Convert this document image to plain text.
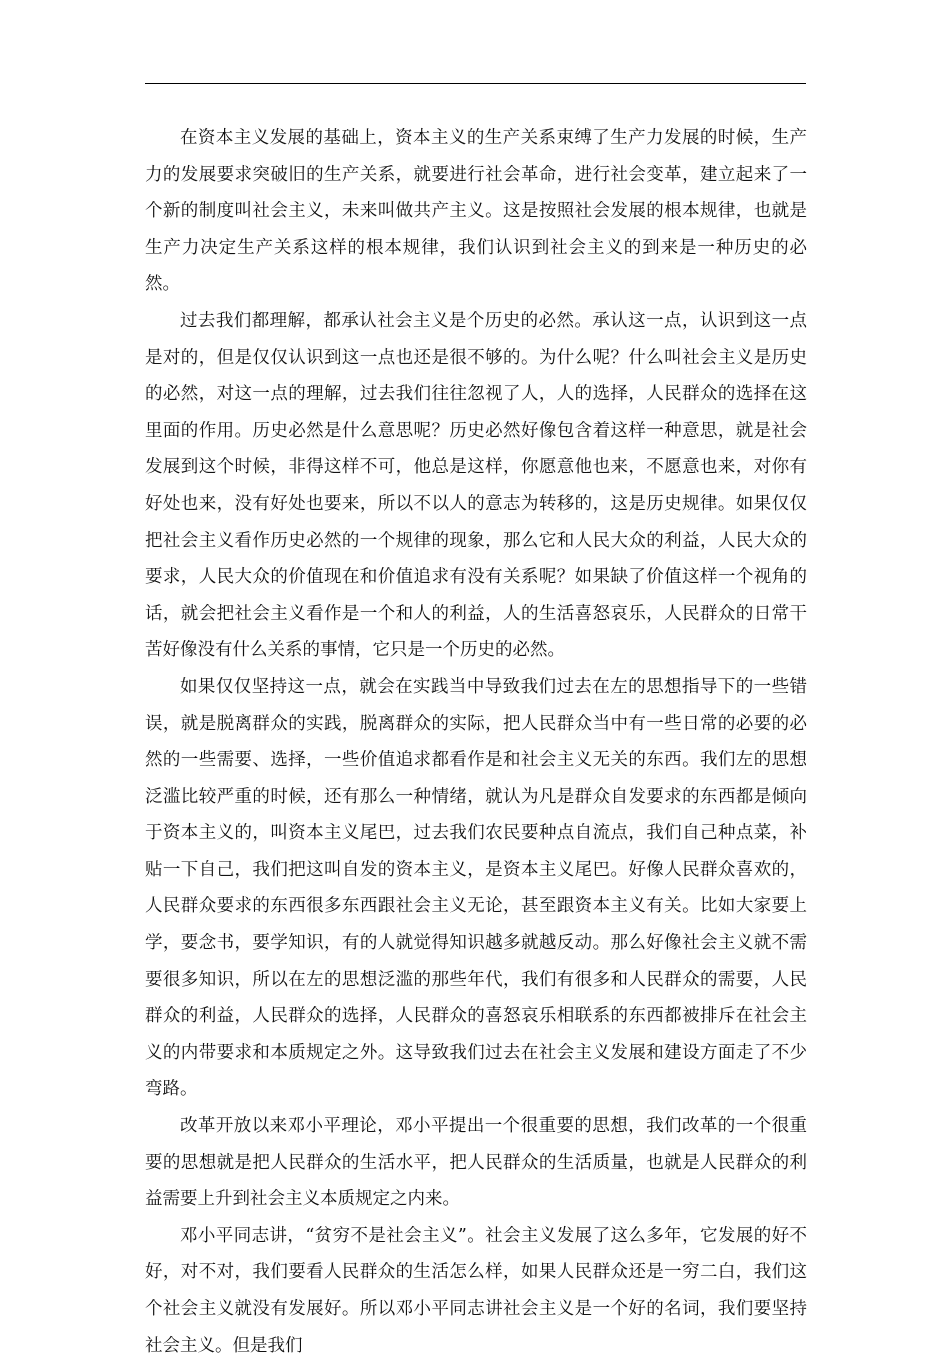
在资本主义发展的基础上，资本主义的生产关系束缚了生产力发展的时候，生产力的发展要求突破旧的生产关系，就要进行社会革命，进行社会变革，建立起来了一个新的制度叫社会主义，未来叫做共产主义。这是按照社会发展的根本规律，也就是生产力决定生产关系这样的根本规律，我们认识到社会主义的到来是一种历史的必然。

过去我们都理解，都承认社会主义是个历史的必然。承认这一点，认识到这一点是对的，但是仅仅认识到这一点也还是很不够的。为什么呢？什么叫社会主义是历史的必然，对这一点的理解，过去我们往往忽视了人，人的选择，人民群众的选择在这里面的作用。历史必然是什么意思呢？历史必然好像包含着这样一种意思，就是社会发展到这个时候，非得这样不可，他总是这样，你愿意他也来，不愿意也来，对你有好处也来，没有好处也要来，所以不以人的意志为转移的，这是历史规律。如果仅仅把社会主义看作历史必然的一个规律的现象，那么它和人民大众的利益，人民大众的要求，人民大众的价值现在和价值追求有没有关系呢？如果缺了价值这样一个视角的话，就会把社会主义看作是一个和人的利益，人的生活喜怒哀乐，人民群众的日常干苦好像没有什么关系的事情，它只是一个历史的必然。

如果仅仅坚持这一点，就会在实践当中导致我们过去在左的思想指导下的一些错误，就是脱离群众的实践，脱离群众的实际，把人民群众当中有一些日常的必要的必然的一些需要、选择，一些价值追求都看作是和社会主义无关的东西。我们左的思想泛滥比较严重的时候，还有那么一种情绪，就认为凡是群众自发要求的东西都是倾向于资本主义的，叫资本主义尾巴，过去我们农民要种点自流点，我们自己种点菜，补贴一下自己，我们把这叫自发的资本主义，是资本主义尾巴。好像人民群众喜欢的，人民群众要求的东西很多东西跟社会主义无论，甚至跟资本主义有关。比如大家要上学，要念书，要学知识，有的人就觉得知识越多就越反动。那么好像社会主义就不需要很多知识，所以在左的思想泛滥的那些年代，我们有很多和人民群众的需要，人民群众的利益，人民群众的选择，人民群众的喜怒哀乐相联系的东西都被排斥在社会主义的内带要求和本质规定之外。这导致我们过去在社会主义发展和建设方面走了不少弯路。

改革开放以来邓小平理论，邓小平提出一个很重要的思想，我们改革的一个很重要的思想就是把人民群众的生活水平，把人民群众的生活质量，也就是人民群众的利益需要上升到社会主义本质规定之内来。

邓小平同志讲，“贫穷不是社会主义”。社会主义发展了这么多年，它发展的好不好，对不对，我们要看人民群众的生活怎么样，如果人民群众还是一穷二白，我们这个社会主义就没有发展好。所以邓小平同志讲社会主义是一个好的名词，我们要坚持社会主义。但是我们
